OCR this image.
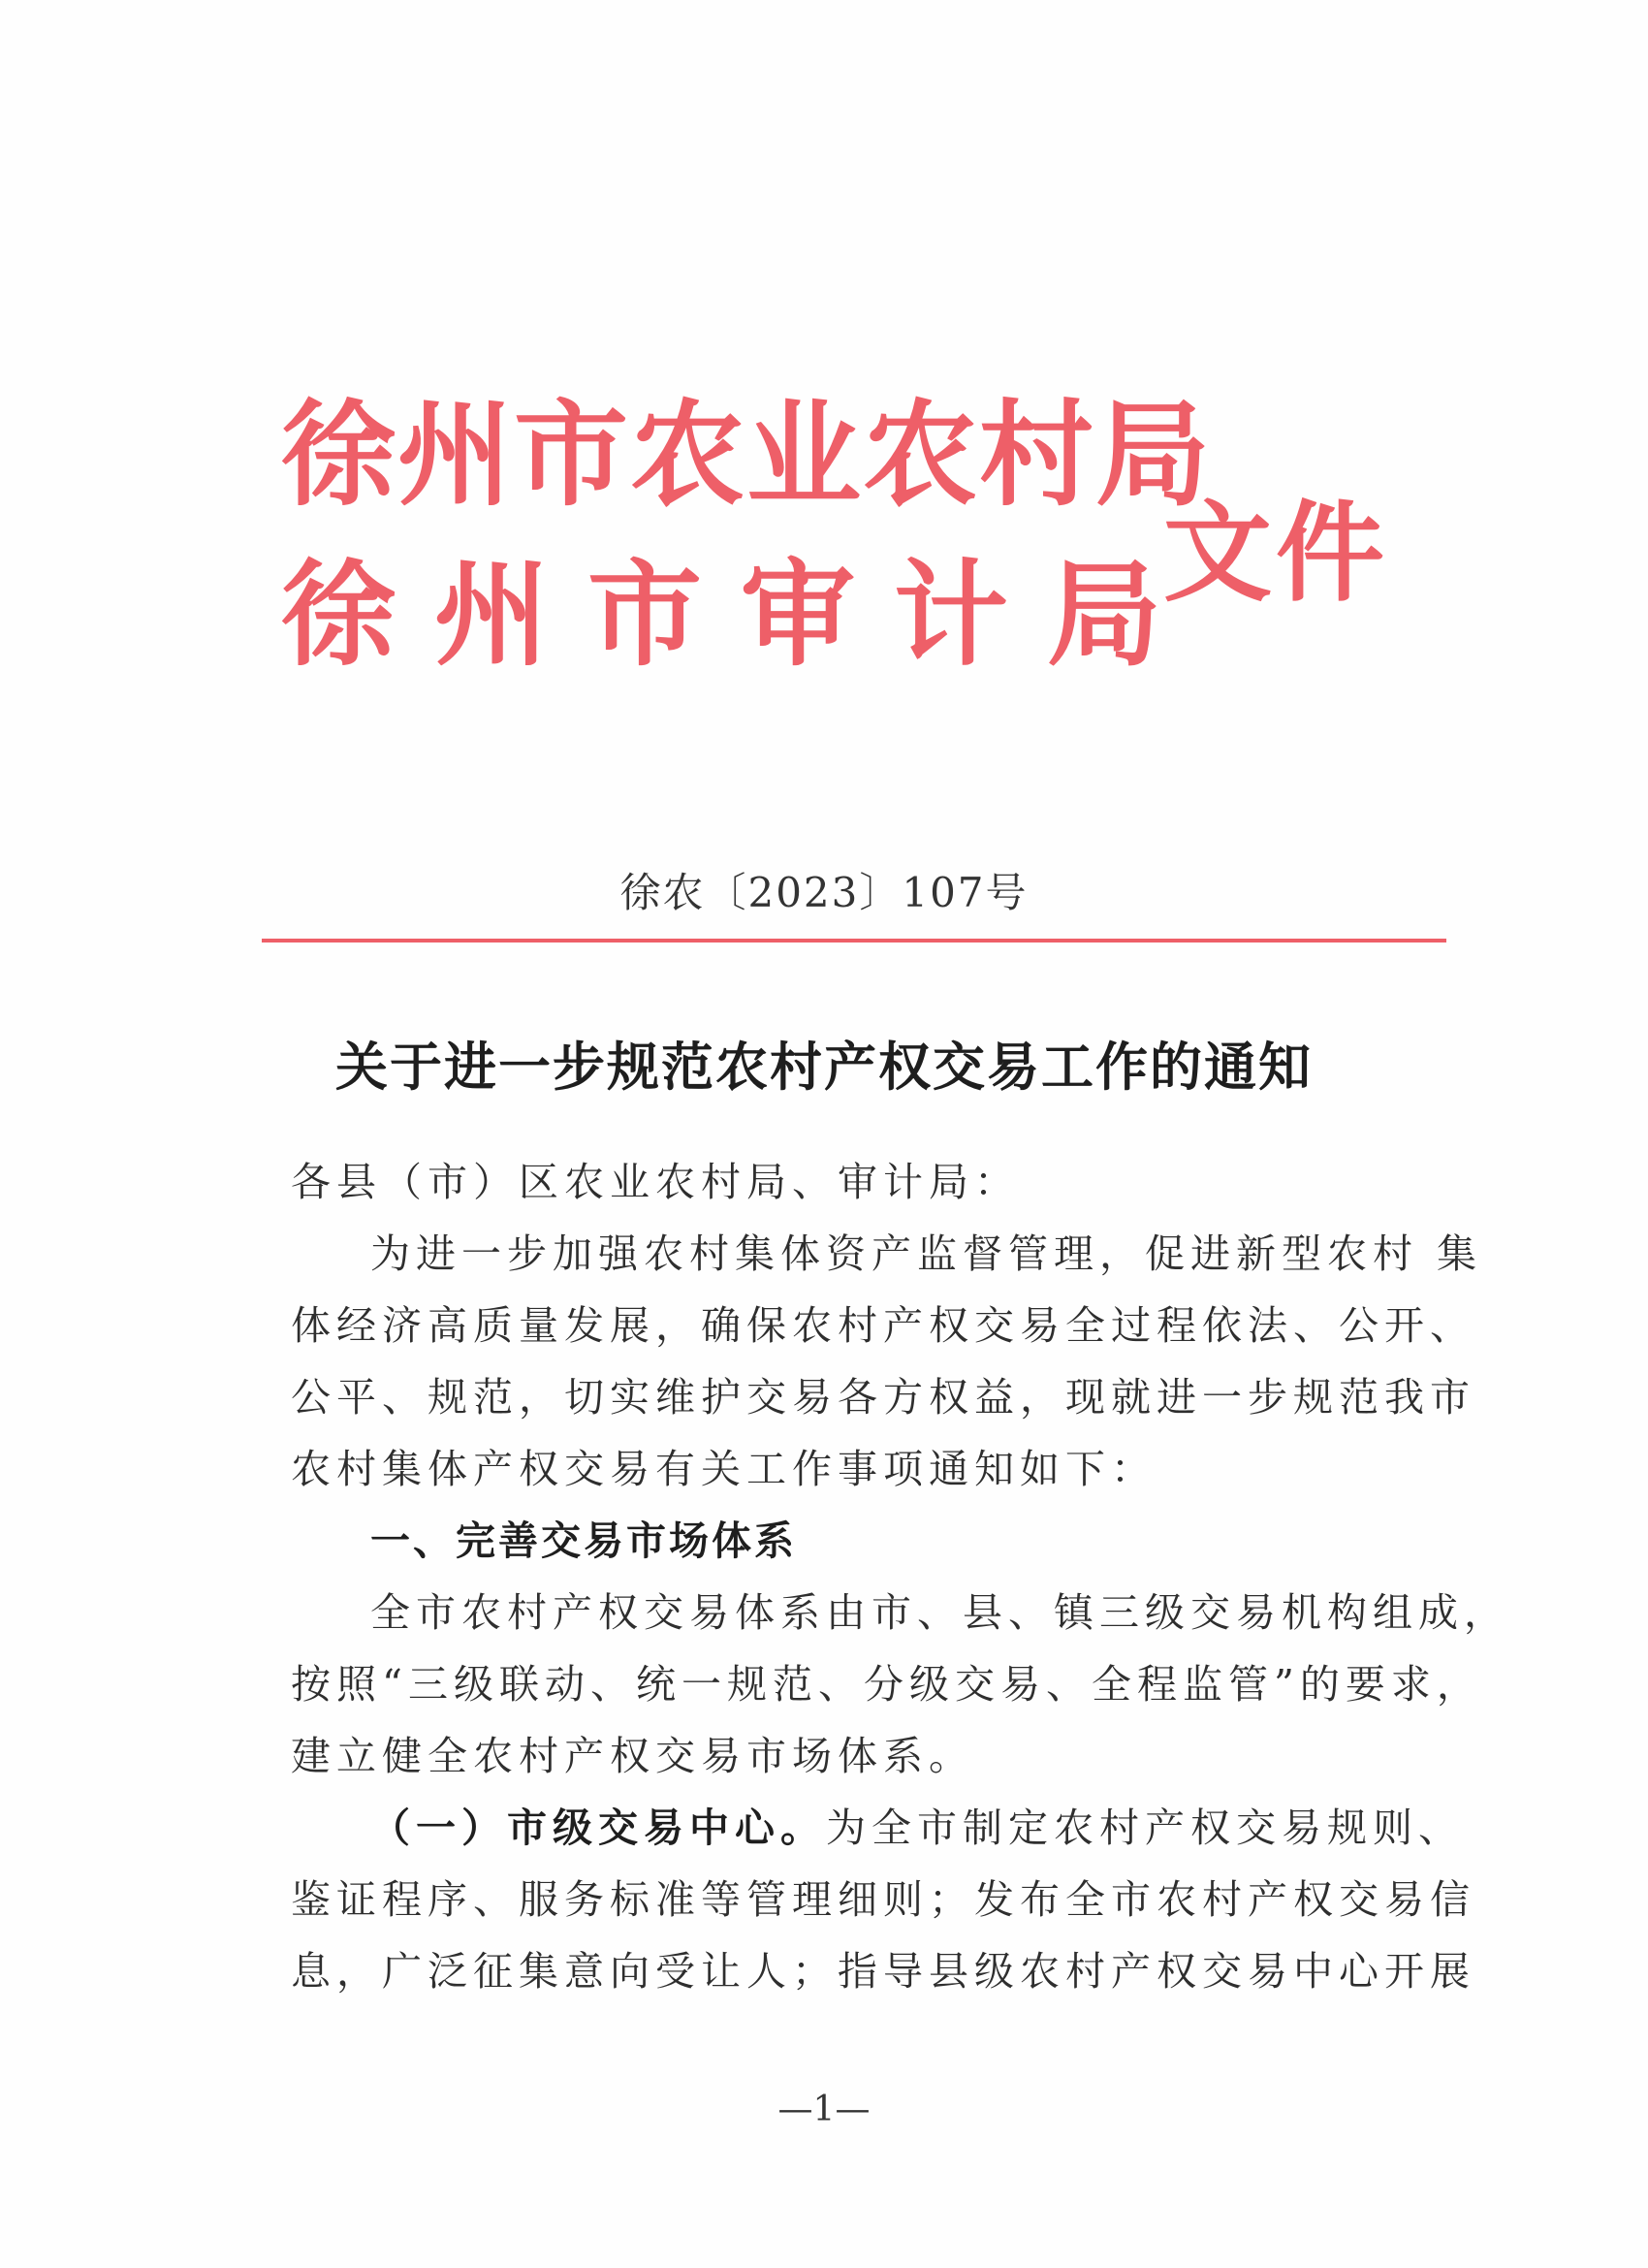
徐州市农业农村局
徐州市审计局
文件
徐农〔2023〕107号
关于进一步规范农村产权交易工作的通知
各县（市）区农业农村局、审计局：
为进一步加强农村集体资产监督管理，促进新型农村 集
体经济高质量发展，确保农村产权交易全过程依法、公开、
公平、规范，切实维护交易各方权益，现就进一步规范我市
农村集体产权交易有关工作事项通知如下：
一、完善交易市场体系
全市农村产权交易体系由市、县、镇三级交易机构组成，
按照“三级联动、统一规范、分级交易、全程监管”的要求，
建立健全农村产权交易市场体系。
（一）市级交易中心。为全市制定农村产权交易规则、
鉴证程序、服务标准等管理细则；发布全市农村产权交易信
息，广泛征集意向受让人；指导县级农村产权交易中心开展
—1—
